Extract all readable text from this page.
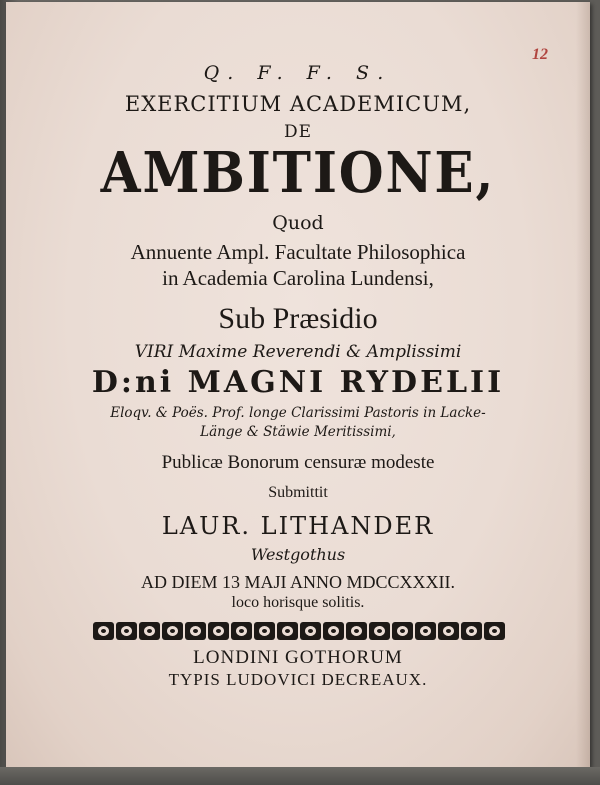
12
Q. F. F. S.
EXERCITIUM ACADEMICUM,
DE
AMBITIONE,
Quod
Annuente Ampl. Facultate Philosophica
in Academia Carolina Lundensi,
Sub Præsidio
VIRI Maxime Reverendi & Amplissimi
D:ni MAGNI RYDELII
Eloqv. & Poës. Prof. longe Clarissimi Pastoris in Lacke-
Länge & Stäwie Meritissimi,
Publicæ Bonorum censuræ modeste
Submittit
LAUR. LITHANDER
Westgothus
AD DIEM 13 MAJI ANNO MDCCXXXII.
loco horisque solitis.
LONDINI GOTHORUM
TYPIS LUDOVICI DECREAUX.
